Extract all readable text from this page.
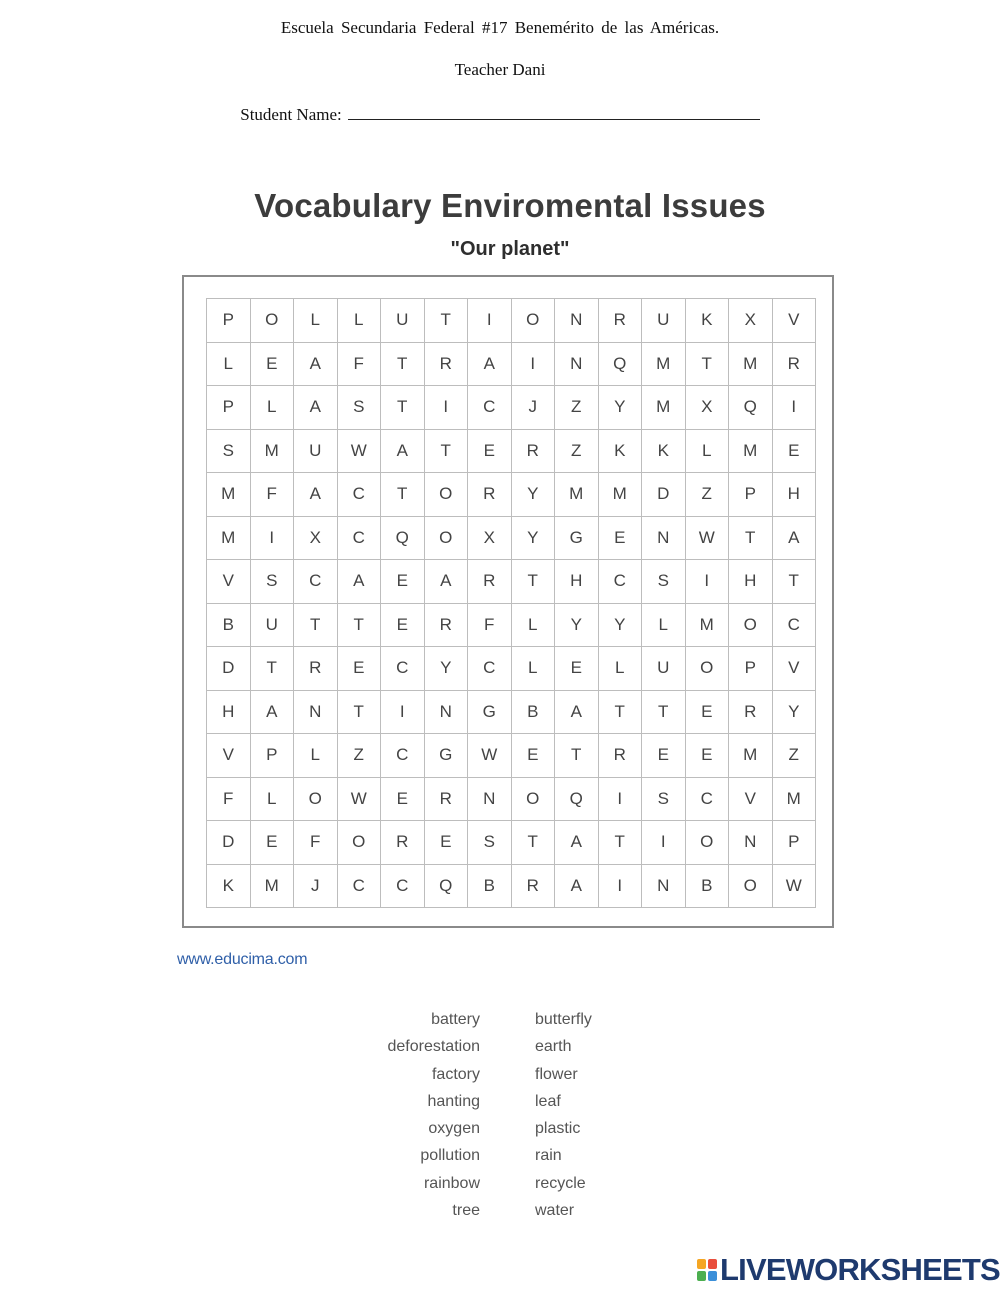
Escuela Secundaria Federal #17 Benemérito de las Américas.
Teacher Dani
Student Name:
Vocabulary Enviromental Issues
"Our planet"
P	O	L	L	U	T	I	O	N	R	U	K	X	V
L	E	A	F	T	R	A	I	N	Q	M	T	M	R
P	L	A	S	T	I	C	J	Z	Y	M	X	Q	I
S	M	U	W	A	T	E	R	Z	K	K	L	M	E
M	F	A	C	T	O	R	Y	M	M	D	Z	P	H
M	I	X	C	Q	O	X	Y	G	E	N	W	T	A
V	S	C	A	E	A	R	T	H	C	S	I	H	T
B	U	T	T	E	R	F	L	Y	Y	L	M	O	C
D	T	R	E	C	Y	C	L	E	L	U	O	P	V
H	A	N	T	I	N	G	B	A	T	T	E	R	Y
V	P	L	Z	C	G	W	E	T	R	E	E	M	Z
F	L	O	W	E	R	N	O	Q	I	S	C	V	M
D	E	F	O	R	E	S	T	A	T	I	O	N	P
K	M	J	C	C	Q	B	R	A	I	N	B	O	W
www.educima.com
battery	butterfly
deforestation	earth
factory	flower
hanting	leaf
oxygen	plastic
pollution	rain
rainbow	recycle
tree	water
LIVEWORKSHEETS
